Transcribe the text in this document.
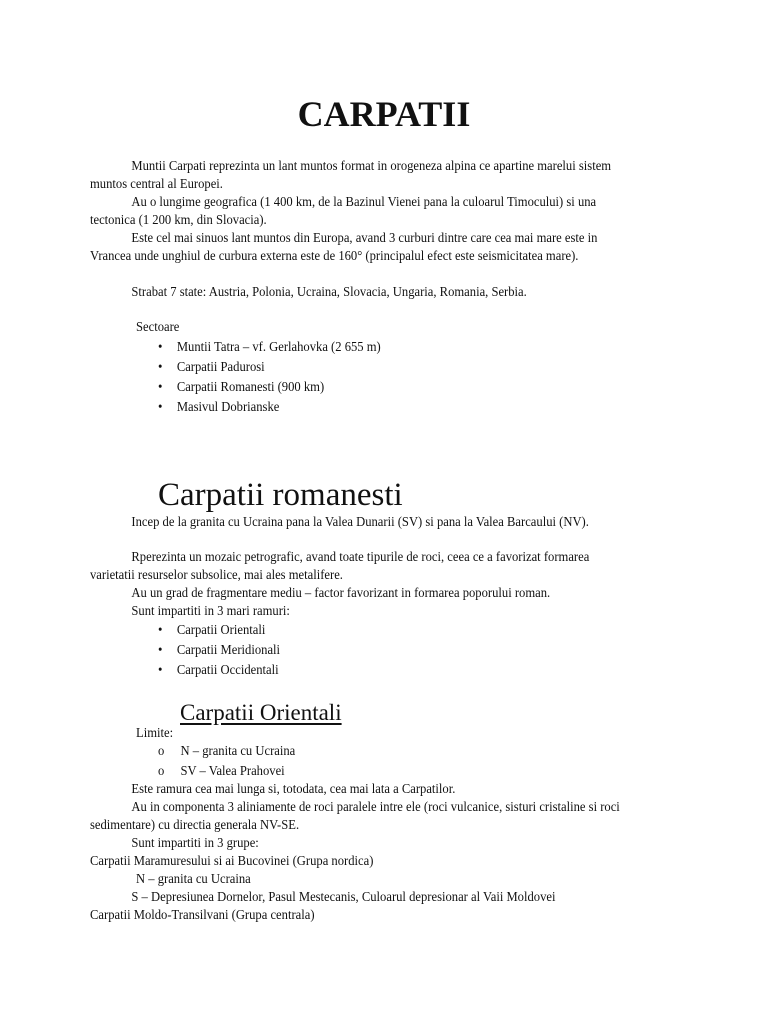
CARPATII

Muntii Carpati reprezinta un lant muntos format in orogeneza alpina ce apartine marelui sistem muntos central al Europei.

Au o lungime geografica (1 400 km, de la Bazinul Vienei pana la culoarul Timocului) si una tectonica (1 200 km, din Slovacia).

Este cel mai sinuos lant muntos din Europa, avand 3 curburi dintre care cea mai mare este in Vrancea unde unghiul de curbura externa este de 160° (principalul efect este seismicitatea mare).

Strabat 7 state: Austria, Polonia, Ucraina, Slovacia, Ungaria, Romania, Serbia.

Sectoare
• Muntii Tatra – vf. Gerlahovka (2 655 m)
• Carpatii Padurosi
• Carpatii Romanesti (900 km)
• Masivul Dobrianske
Carpatii romanesti

Incep de la granita cu Ucraina pana la Valea Dunarii (SV) si pana la Valea Barcaului (NV).

Rperezinta un mozaic petrografic, avand toate tipurile de roci, ceea ce a favorizat formarea varietatii resurselor subsolice, mai ales metalifere.

Au un grad de fragmentare mediu – factor favorizant in formarea poporului roman.

Sunt impartiti in 3 mari ramuri:

• Carpatii Orientali
• Carpatii Meridionali
• Carpatii Occidentali
Carpatii Orientali
Limite:
o N – granita cu Ucraina
o SV – Valea Prahovei

Este ramura cea mai lunga si, totodata, cea mai lata a Carpatilor.

Au in componenta 3 aliniamente de roci paralele intre ele (roci vulcanice, sisturi cristaline si roci sedimentare) cu directia generala NV-SE.

Sunt impartiti in 3 grupe:

Carpatii Maramuresului si ai Bucovinei (Grupa nordica)
N – granita cu Ucraina

S – Depresiunea Dornelor, Pasul Mestecanis, Culoarul depresionar al Vaii Moldovei

Carpatii Moldo-Transilvani (Grupa centrala)
